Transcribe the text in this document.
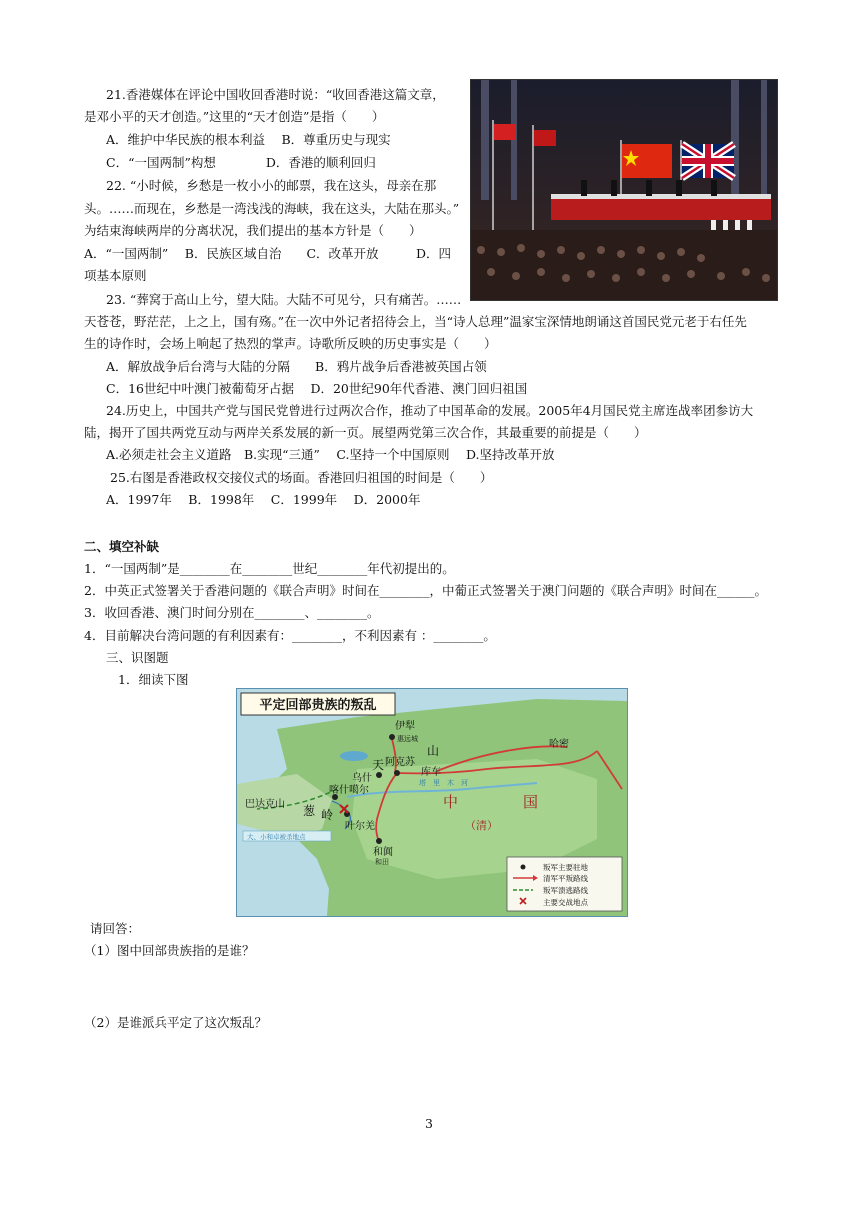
21.香港媒体在评论中国收回香港时说：“收回香港这篇文章，
是邓小平的天才创造。”这里的“天才创造”是指（　　）
A．维护中华民族的根本利益　 B．尊重历史与现实
C．“一国两制”构想　　　　D．香港的顺利回归
22. “小时候，乡愁是一枚小小的邮票，我在这头，母亲在那
头。……而现在，乡愁是一湾浅浅的海峡，我在这头，大陆在那头。”
为结束海峡两岸的分离状况，我们提出的基本方针是（　　）
A．“一国两制”　 B．民族区域自治　　C．改革开放　　　D．四
项基本原则
23. “葬窝于高山上兮，望大陆。大陆不可见兮，只有痛苦。……
天苍苍，野茫茫，上之上，国有殇。”在一次中外记者招待会上，当“诗人总理”温家宝深情地朗诵这首国民党元老于右任先
生的诗作时，会场上响起了热烈的掌声。诗歌所反映的历史事实是（　　）
A．解放战争后台湾与大陆的分隔　　B．鸦片战争后香港被英国占领
C．16世纪中叶澳门被葡萄牙占据　 D．20世纪90年代香港、澳门回归祖国
24.历史上，中国共产党与国民党曾进行过两次合作，推动了中国革命的发展。2005年4月国民党主席连战率团参访大
陆，揭开了国共两党互动与两岸关系发展的新一页。展望两党第三次合作，其最重要的前提是（　　）
A.必须走社会主义道路　B.实现“三通”　 C.坚持一个中国原则　 D.坚持改革开放
25.右图是香港政权交接仪式的场面。香港回归祖国的时间是（　　）
A．1997年　 B．1998年　 C．1999年　 D．2000年
二、填空补缺
1．“一国两制”是________在________世纪________年代初提出的。
2．中英正式签署关于香港问题的《联合声明》时间在________，中葡正式签署关于澳门问题的《联合声明》时间在______。
3．收回香港、澳门时间分别在________、________。
4．目前解决台湾问题的有利因素有：________，不利因素有 ：________。
三、识图题
1．细读下图
平定回部贵族的叛乱
伊犁
惠远城
天
山	哈密
库车
阿克苏
乌什
喀什噶尔
叶尔羌
和阗
和田
巴达克山 葱 岭
中	国
（清）
塔　里　木　河
大、小和卓被杀地点
叛军主要驻地
清军平叛路线
叛军溃逃路线
主要交战地点
请回答：
（1）图中回部贵族指的是谁？
（2）是谁派兵平定了这次叛乱？
3
